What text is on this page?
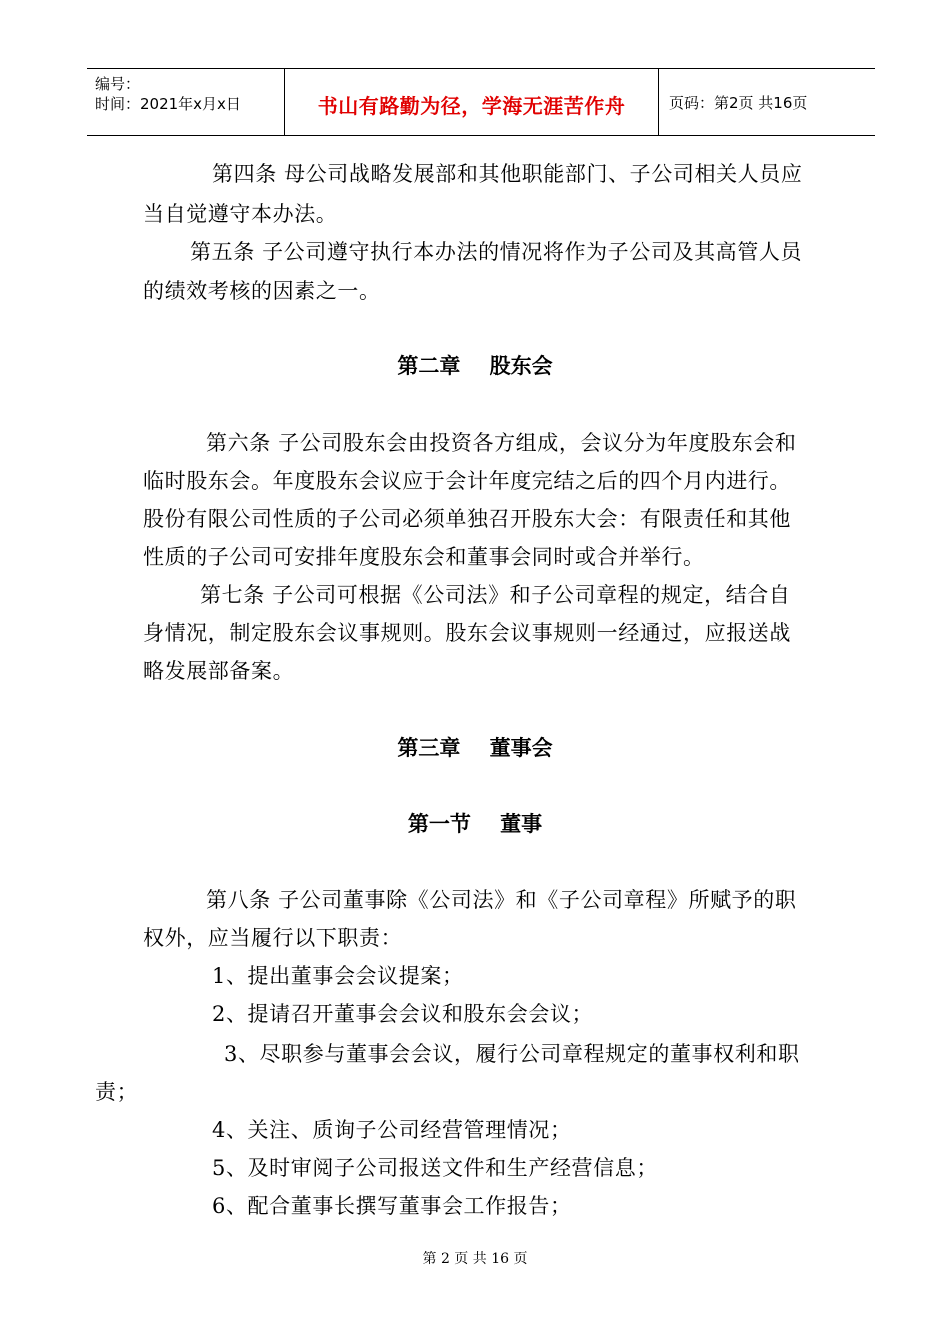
编号：
时间：2021年x月x日	书山有路勤为径，学海无涯苦作舟	页码：第2页 共16页
第四条 母公司战略发展部和其他职能部门、子公司相关人员应
当自觉遵守本办法。
第五条 子公司遵守执行本办法的情况将作为子公司及其高管人员
的绩效考核的因素之一。
第二章    股东会
第六条 子公司股东会由投资各方组成，会议分为年度股东会和
临时股东会。年度股东会议应于会计年度完结之后的四个月内进行。
股份有限公司性质的子公司必须单独召开股东大会：有限责任和其他
性质的子公司可安排年度股东会和董事会同时或合并举行。
第七条 子公司可根据《公司法》和子公司章程的规定，结合自
身情况，制定股东会议事规则。股东会议事规则一经通过，应报送战
略发展部备案。
第三章    董事会
第一节    董事
第八条 子公司董事除《公司法》和《子公司章程》所赋予的职
权外，应当履行以下职责：
1、提出董事会会议提案；
2、提请召开董事会会议和股东会会议；
3、尽职参与董事会会议，履行公司章程规定的董事权利和职
责；
4、关注、质询子公司经营管理情况；
5、及时审阅子公司报送文件和生产经营信息；
6、配合董事长撰写董事会工作报告；
第 2 页 共 16 页
